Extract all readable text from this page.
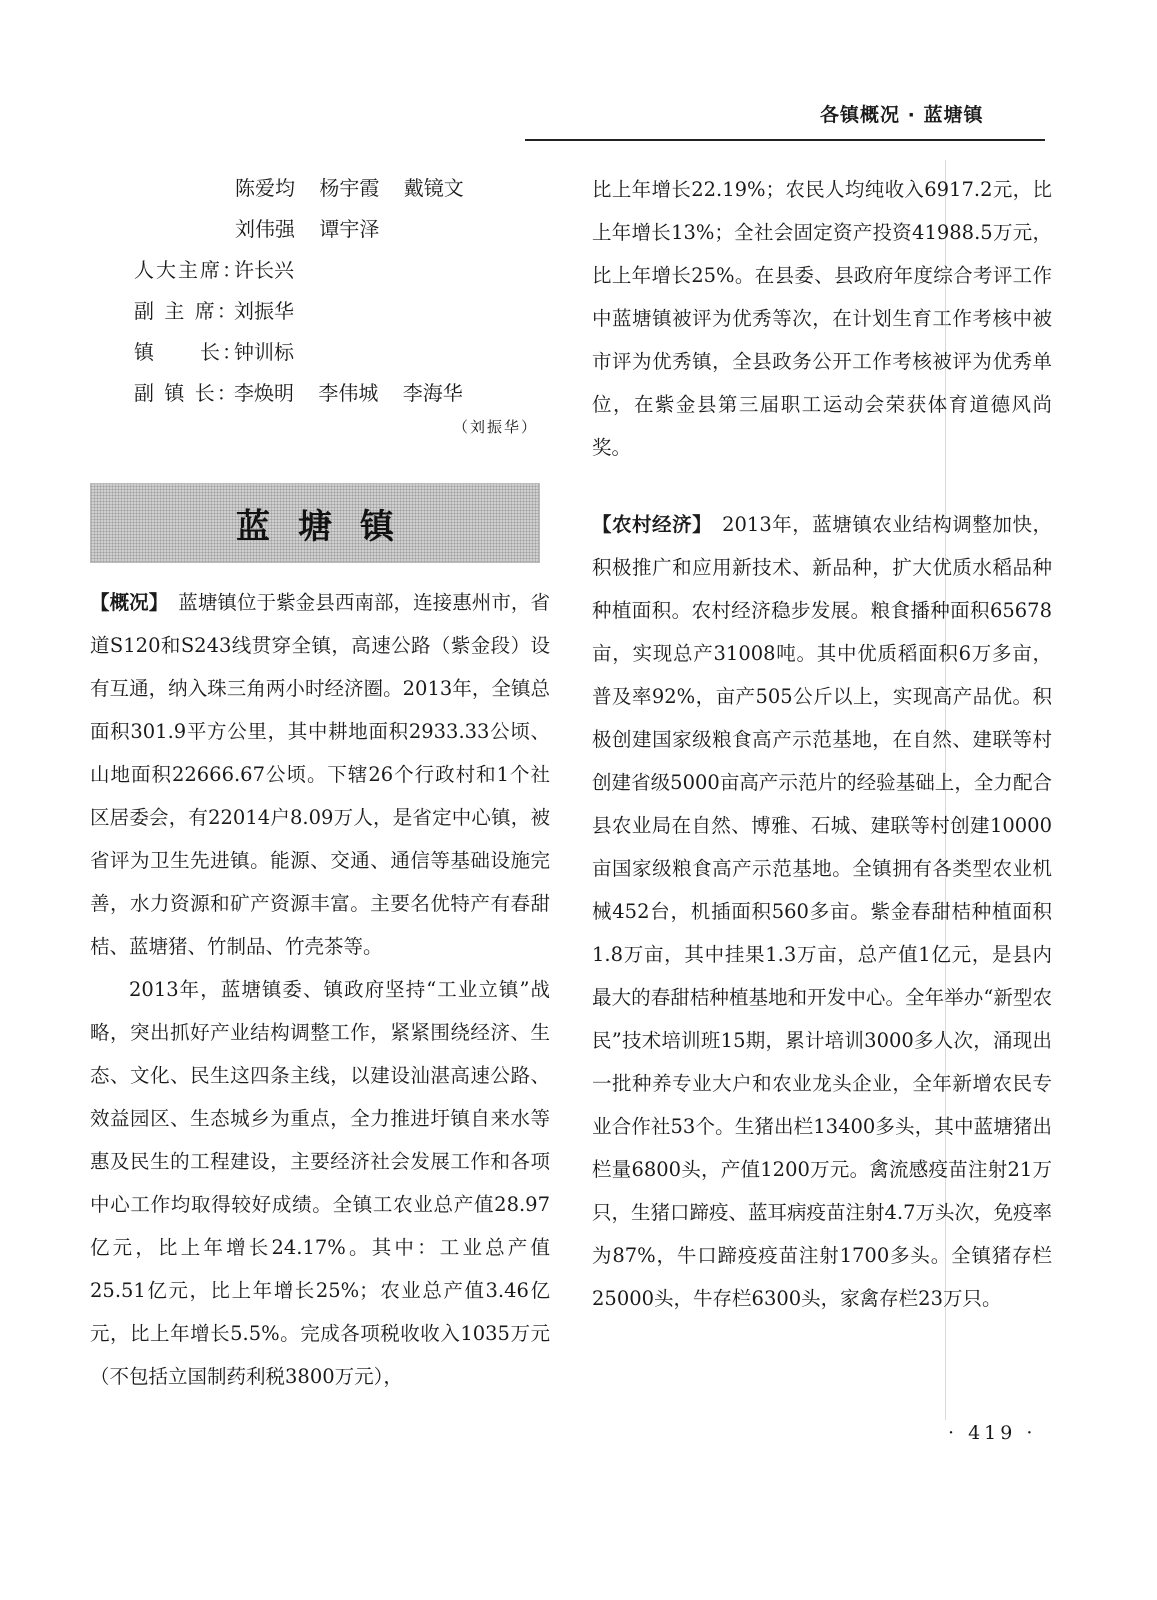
各镇概况 · 蓝塘镇
陈爱均 杨宇霞 戴镜文
刘伟强 谭宇泽
人大主席：许长兴
副 主 席：刘振华
镇　　长：钟训标
副 镇 长：李焕明 李伟城 李海华
（刘振华）
蓝塘镇

【概况】 蓝塘镇位于紫金县西南部，连接惠州市，省道S120和S243线贯穿全镇，高速公路（紫金段）设有互通，纳入珠三角两小时经济圈。2013年，全镇总面积301.9平方公里，其中耕地面积2933.33公顷、山地面积22666.67公顷。下辖26个行政村和1个社区居委会，有22014户8.09万人，是省定中心镇，被省评为卫生先进镇。能源、交通、通信等基础设施完善，水力资源和矿产资源丰富。主要名优特产有春甜桔、蓝塘猪、竹制品、竹壳茶等。

2013年，蓝塘镇委、镇政府坚持“工业立镇”战略，突出抓好产业结构调整工作，紧紧围绕经济、生态、文化、民生这四条主线，以建设汕湛高速公路、效益园区、生态城乡为重点，全力推进圩镇自来水等惠及民生的工程建设，主要经济社会发展工作和各项中心工作均取得较好成绩。全镇工农业总产值28.97亿元，比上年增长24.17%。其中：工业总产值25.51亿元，比上年增长25%；农业总产值3.46亿元，比上年增长5.5%。完成各项税收收入1035万元（不包括立国制药利税3800万元），

比上年增长22.19%；农民人均纯收入6917.2元，比上年增长13%；全社会固定资产投资41988.5万元，比上年增长25%。在县委、县政府年度综合考评工作中蓝塘镇被评为优秀等次，在计划生育工作考核中被市评为优秀镇，全县政务公开工作考核被评为优秀单位，在紫金县第三届职工运动会荣获体育道德风尚奖。

【农村经济】 2013年，蓝塘镇农业结构调整加快，积极推广和应用新技术、新品种，扩大优质水稻品种种植面积。农村经济稳步发展。粮食播种面积65678亩，实现总产31008吨。其中优质稻面积6万多亩，普及率92%，亩产505公斤以上，实现高产品优。积极创建国家级粮食高产示范基地，在自然、建联等村创建省级5000亩高产示范片的经验基础上，全力配合县农业局在自然、博雅、石城、建联等村创建10000亩国家级粮食高产示范基地。全镇拥有各类型农业机械452台，机插面积560多亩。紫金春甜桔种植面积1.8万亩，其中挂果1.3万亩，总产值1亿元，是县内最大的春甜桔种植基地和开发中心。全年举办“新型农民”技术培训班15期，累计培训3000多人次，涌现出一批种养专业大户和农业龙头企业，全年新增农民专业合作社53个。生猪出栏13400多头，其中蓝塘猪出栏量6800头，产值1200万元。禽流感疫苗注射21万只，生猪口蹄疫、蓝耳病疫苗注射4.7万头次，免疫率为87%，牛口蹄疫疫苗注射1700多头。全镇猪存栏25000头，牛存栏6300头，家禽存栏23万只。

· 419 ·
